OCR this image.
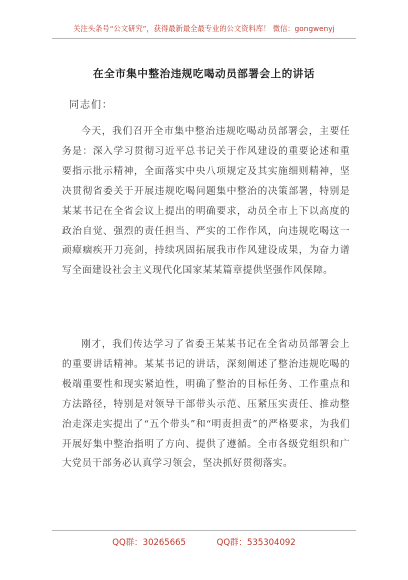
关注头条号“公文研究”，获得最新最全最专业的公文资料库！ 微信：gongwenyj
在全市集中整治违规吃喝动员部署会上的讲话
同志们：

今天，我们召开全市集中整治违规吃喝动员部署会，主要任务是：深入学习贯彻习近平总书记关于作风建设的重要论述和重要指示批示精神，全面落实中央八项规定及其实施细则精神，坚决贯彻省委关于开展违规吃喝问题集中整治的决策部署，特别是某某书记在全省会议上提出的明确要求，动员全市上下以高度的政治自觉、强烈的责任担当、严实的工作作风，向违规吃喝这一顽瘴痼疾开刀亮剑，持续巩固拓展我市作风建设成果，为奋力谱写全面建设社会主义现代化国家某某篇章提供坚强作风保障。

刚才，我们传达学习了省委王某某书记在全省动员部署会上的重要讲话精神。某某书记的讲话，深刻阐述了整治违规吃喝的极端重要性和现实紧迫性，明确了整治的目标任务、工作重点和方法路径，特别是对领导干部带头示范、压紧压实责任、推动整治走深走实提出了“五个带头”和“明责担责”的严格要求，为我们开展好集中整治指明了方向、提供了遵循。全市各级党组织和广大党员干部务必认真学习领会，坚决抓好贯彻落实。

QQ群：30265665	QQ群：535304092
